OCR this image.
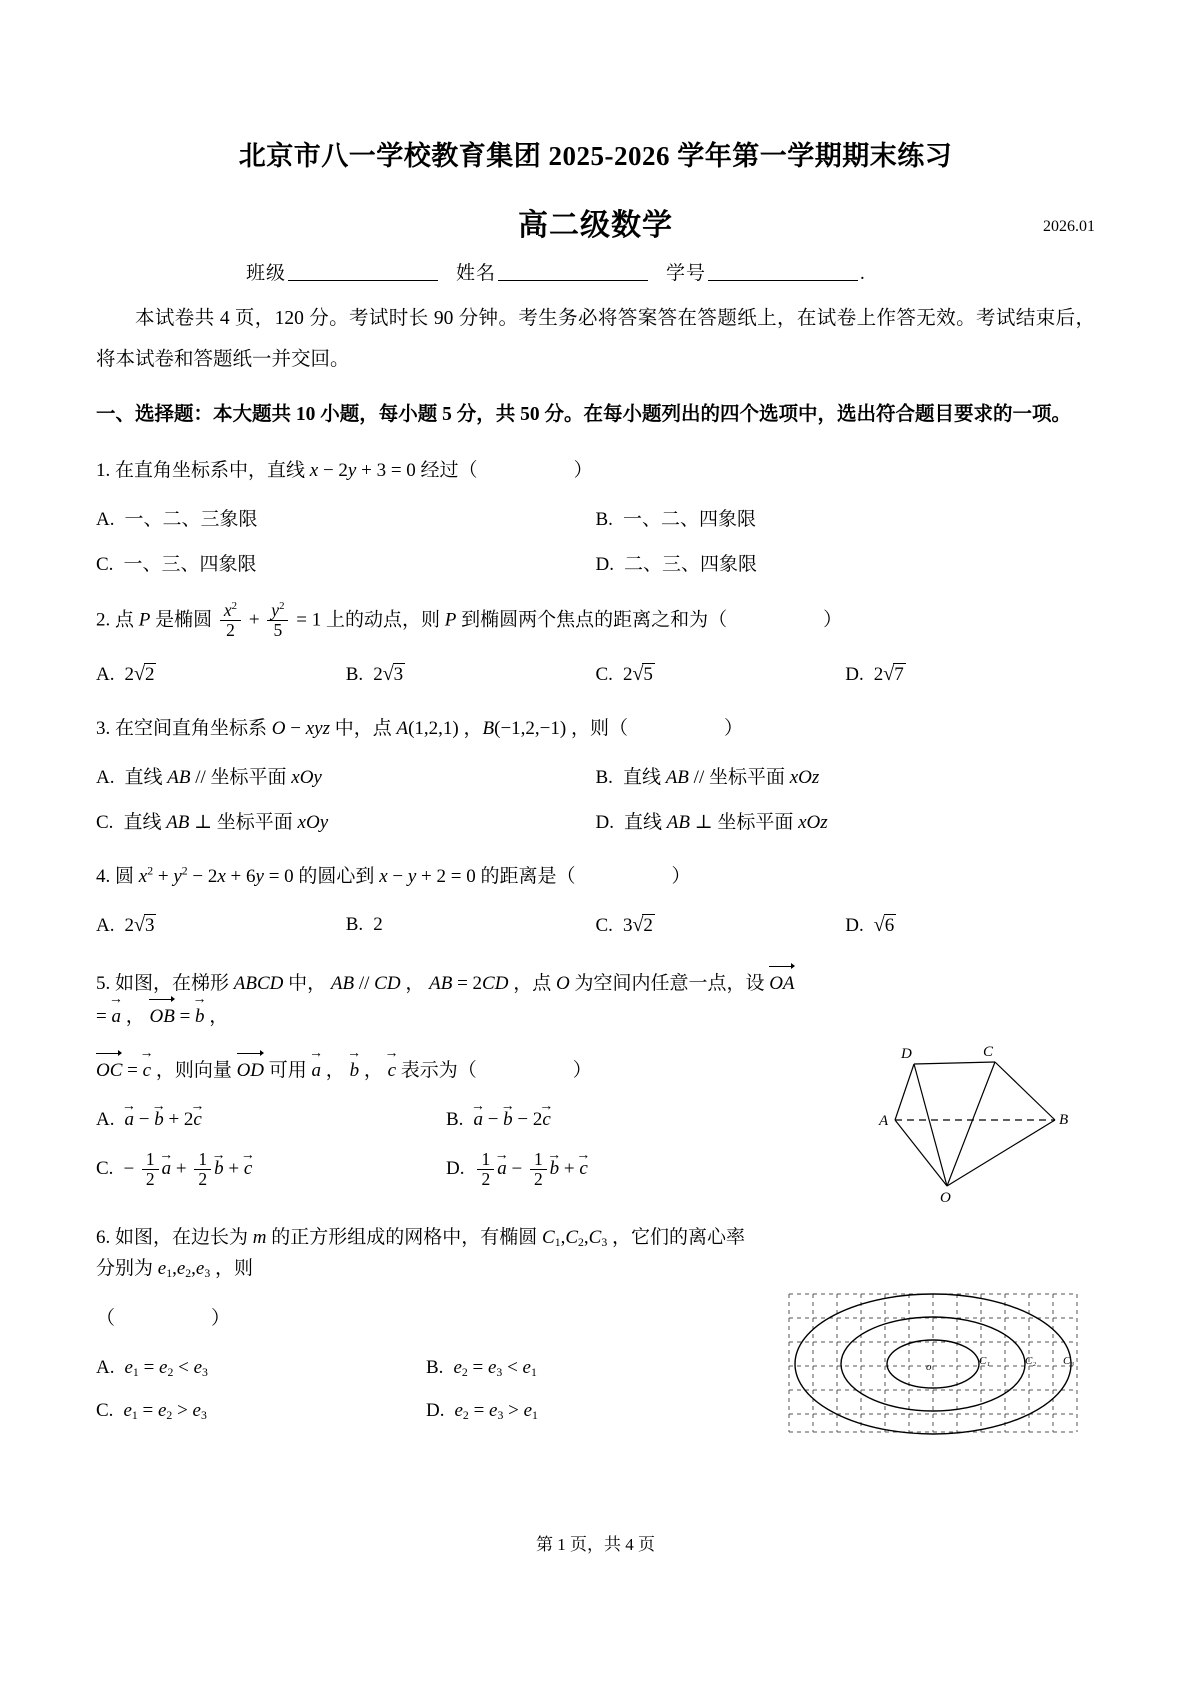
北京市八一学校教育集团 2025-2026 学年第一学期期末练习
高二级数学	2026.01
班级	姓名	学号	.

本试卷共 4 页，120 分。考试时长 90 分钟。考生务必将答案答在答题纸上，在试卷上作答无效。考试结束后，将本试卷和答题纸一并交回。

一、选择题：本大题共 10 小题，每小题 5 分，共 50 分。在每小题列出的四个选项中，选出符合题目要求的一项。

1. 在直角坐标系中，直线 x − 2y + 3 = 0 经过（	）

A. 一、二、三象限	B. 一、二、四象限
C. 一、三、四象限	D. 二、三、四象限

2. 点 P 是椭圆 $\frac{x^2}{2} + \frac{y^2}{5} = 1$ 上的动点，则 P 到椭圆两个焦点的距离之和为（	）

A. 2√2	B. 2√3	C. 2√5	D. 2√7

3. 在空间直角坐标系 O − xyz 中，点 A(1,2,1) ，B(−1,2,−1) ，则（	）

A. 直线 AB // 坐标平面 xOy	B. 直线 AB // 坐标平面 xOz
C. 直线 AB ⊥ 坐标平面 xOy	D. 直线 AB ⊥ 坐标平面 xOz

4. 圆 $x^2 + y^2 - 2x + 6y = 0$ 的圆心到 x − y + 2 = 0 的距离是（	）

A. 2√3	B. 2	C. 3√2	D. √6

5. 如图，在梯形 ABCD 中， AB // CD ， AB = 2CD ，点 O 为空间内任意一点，设 OA = a → ， OB = b → ，

OC = c → ，则向量 OD 可用 a → ， b → ， c → 表示为（	）

A. a → − b → + 2c →	B. a → − b → − 2c →
C. − $\frac{1}{2}$ a → + $\frac{1}{2}$ b → + c →	D. $\frac{1}{2}$ a → − $\frac{1}{2}$ b → + c →

6. 如图，在边长为 m 的正方形组成的网格中，有椭圆 $C_1,C_2,C_3$ ，它们的离心率分别为 $e_1,e_2,e_3$ ，则

（	）

A. $e_1 = e_2 < e_3$	B. $e_2 = e_3 < e_1$
C. $e_1 = e_2 > e_3$	D. $e_2 = e_3 > e_1$
D	C
A	B
O
o	C₁	C₂ C₃
第 1 页，共 4 页
